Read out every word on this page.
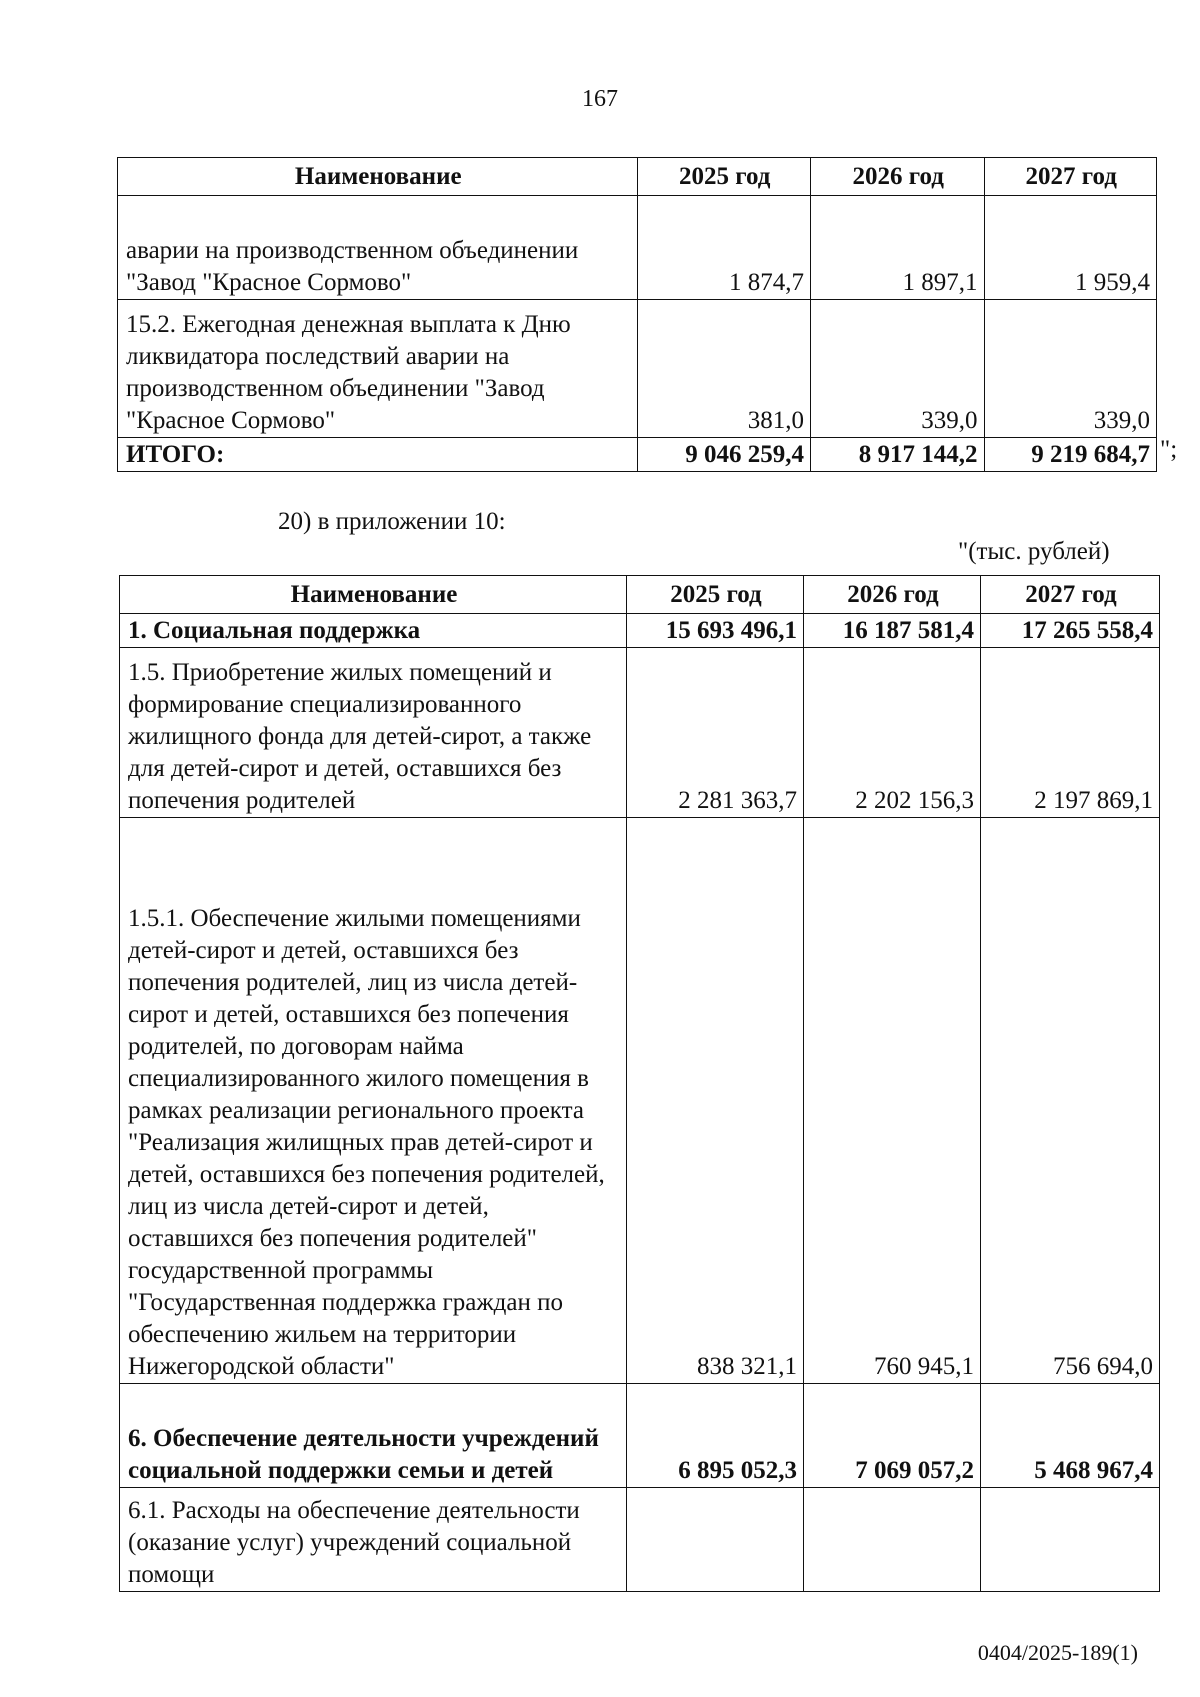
167
Наименование	2025 год	2026 год	2027 год
аварии на производственном объединении "Завод "Красное Сормово"	1 874,7	1 897,1	1 959,4
15.2. Ежегодная денежная выплата к Дню ликвидатора последствий аварии на производственном объединении "Завод "Красное Сормово"	381,0	339,0	339,0
ИТОГО:	9 046 259,4	8 917 144,2	9 219 684,7 ";
20) в приложении 10:
"(тыс. рублей)
Наименование	2025 год	2026 год	2027 год
1. Социальная поддержка	15 693 496,1	16 187 581,4	17 265 558,4
1.5. Приобретение жилых помещений и формирование специализированного жилищного фонда для детей-сирот, а также для детей-сирот и детей, оставшихся без попечения родителей	2 281 363,7	2 202 156,3	2 197 869,1
1.5.1. Обеспечение жилыми помещениями детей-сирот и детей, оставшихся без попечения родителей, лиц из числа детей-сирот и детей, оставшихся без попечения родителей, по договорам найма специализированного жилого помещения в рамках реализации регионального проекта "Реализация жилищных прав детей-сирот и детей, оставшихся без попечения родителей, лиц из числа детей-сирот и детей, оставшихся без попечения родителей" государственной программы "Государственная поддержка граждан по обеспечению жильем на территории Нижегородской области"	838 321,1	760 945,1	756 694,0
6. Обеспечение деятельности учреждений социальной поддержки семьи и детей	6 895 052,3	7 069 057,2	5 468 967,4
6.1. Расходы на обеспечение деятельности (оказание услуг) учреждений социальной помощи			
0404/2025-189(1)
